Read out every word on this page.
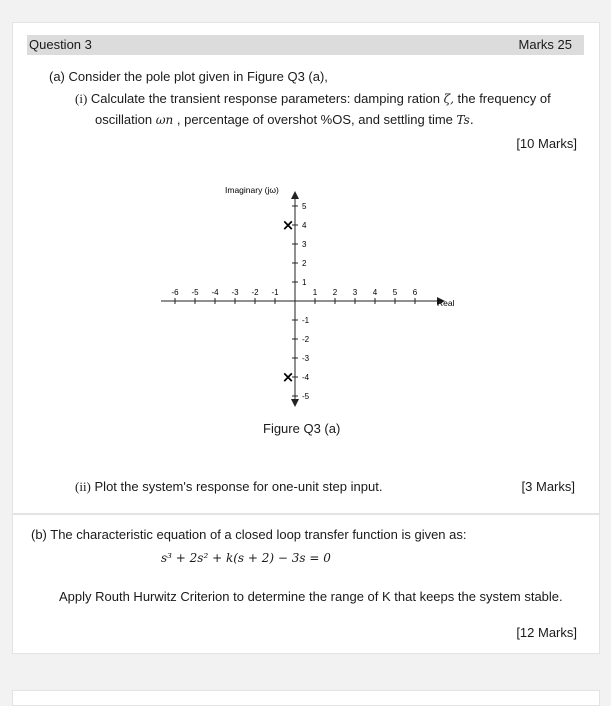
Question 3	Marks 25
(a) Consider the pole plot given in Figure Q3 (a),
(i) Calculate the transient response parameters: damping ration ζ, the frequency of
oscillation ωn , percentage of overshot %OS, and settling time Ts.
[10 Marks]
Imaginary (jω)
Real
-6 -5 -4 -3 -2 -1	1 2 3 4 5 6
5
4
3
2
1
-1
-2
-3
-4
-5
×
×
Figure Q3 (a)
(ii) Plot the system's response for one-unit step input.	[3 Marks]
(b) The characteristic equation of a closed loop transfer function is given as:
s³ + 2s² + k(s + 2) − 3s = 0
Apply Routh Hurwitz Criterion to determine the range of K that keeps the system stable.
[12 Marks]
